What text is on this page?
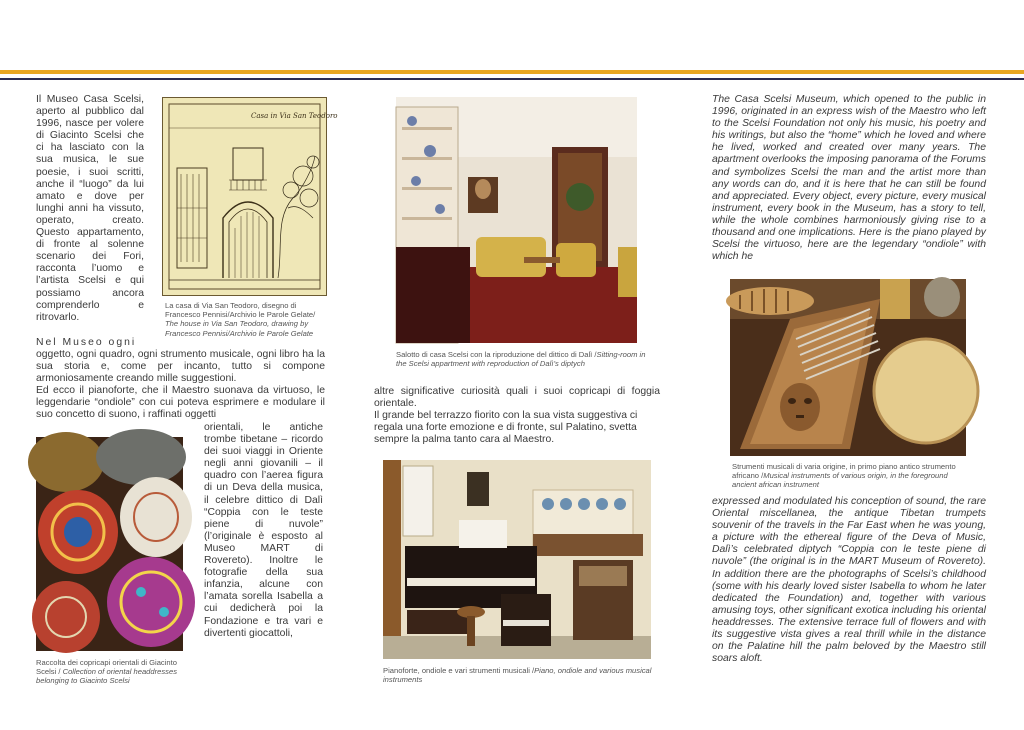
Il Museo Casa Scelsi, aperto al pubblico dal 1996, nasce per volere di Giacinto Scelsi che ci ha lasciato con la sua musica, le sue poesie, i suoi scritti, anche il “luogo” da lui amato e dove per lunghi anni ha vissuto, operato, creato. Questo appartamento, di fronte al solenne scenario dei Fori, racconta l’uomo e l’artista Scelsi e qui possiamo ancora comprenderlo e ritrovarlo.
Nel Museo ogni
oggetto, ogni quadro, ogni strumento musicale, ogni libro ha la sua storia e, come per incanto, tutto si compone armoniosamente creando mille suggestioni.
Ed ecco il pianoforte, che il Maestro suonava da virtuoso, le leggendarie “ondiole” con cui poteva esprimere e modulare il suo concetto di suono, i raffinati oggetti
orientali, le antiche trombe tibetane – ricordo dei suoi viaggi in Oriente negli anni giovanili – il quadro con l’aerea figura di un Deva della musica, il celebre dittico di Dalì “Coppia con le teste piene di nuvole” (l’originale è esposto al Museo MART di Rovereto). Inoltre le fotografie della sua infanzia, alcune con l’amata sorella Isabella a cui dedicherà poi la Fondazione e tra vari e divertenti giocattoli,
Casa in Via San Teodoro
La casa di Via San Teodoro, disegno di Francesco Pennisi/Archivio le Parole Gelate/
The house in Via San Teodoro, drawing by Francesco Pennisi/Archivio le Parole Gelate
Raccolta dei copricapi orientali di Giacinto Scelsi / Collection of oriental headdresses belonging to Giacinto Scelsi
Salotto di casa Scelsi con la riproduzione del dittico di Dalì /Sitting-room in the Scelsi appartment with reproduction of Dalì’s diptych
altre significative curiosità quali i suoi copricapi di foggia orientale.
Il grande bel terrazzo fiorito con la sua vista suggestiva ci regala una forte emozione e di fronte, sul Palatino, svetta sempre la palma tanto cara al Maestro.
Pianoforte, ondiole e vari strumenti musicali /Piano, ondiole and various musical instruments
The Casa Scelsi Museum, which opened to the public in 1996, originated in an express wish of the Maestro who left to the Scelsi Foundation not only his music, his poetry and his writings, but also the “home” which he loved and where he lived, worked and created over many years. The apartment overlooks the imposing panorama of the Forums and symbolizes Scelsi the man and the artist more than any words can do, and it is here that he can still be found and appreciated. Every object, every picture, every musical instrument, every book in the Museum, has a story to tell, while the whole combines harmoniously giving rise to a thousand and one implications. Here is the piano played by Scelsi the virtuoso, here are the legendary “ondiole” with which he
Strumenti musicali di varia origine, in primo piano antico strumento africano /Musical instruments of various origin, in the foreground ancient african instrument
expressed and modulated his conception of sound, the rare Oriental miscellanea, the antique Tibetan trumpets souvenir of the travels in the Far East when he was young, a picture with the ethereal figure of the Deva of Music, Dalì’s celebrated diptych “Coppia con le teste piene di nuvole” (the original is in the MART Museum of Rovereto). In addition there are the photographs of Scelsi’s childhood (some with his dearly loved sister Isabella to whom he later dedicated the Foundation) and, together with various amusing toys, other significant exotica including his oriental headdresses. The extensive terrace full of flowers and with its suggestive vista gives a real thrill while in the distance on the Palatine hill the palm beloved by the Maestro still soars aloft.
